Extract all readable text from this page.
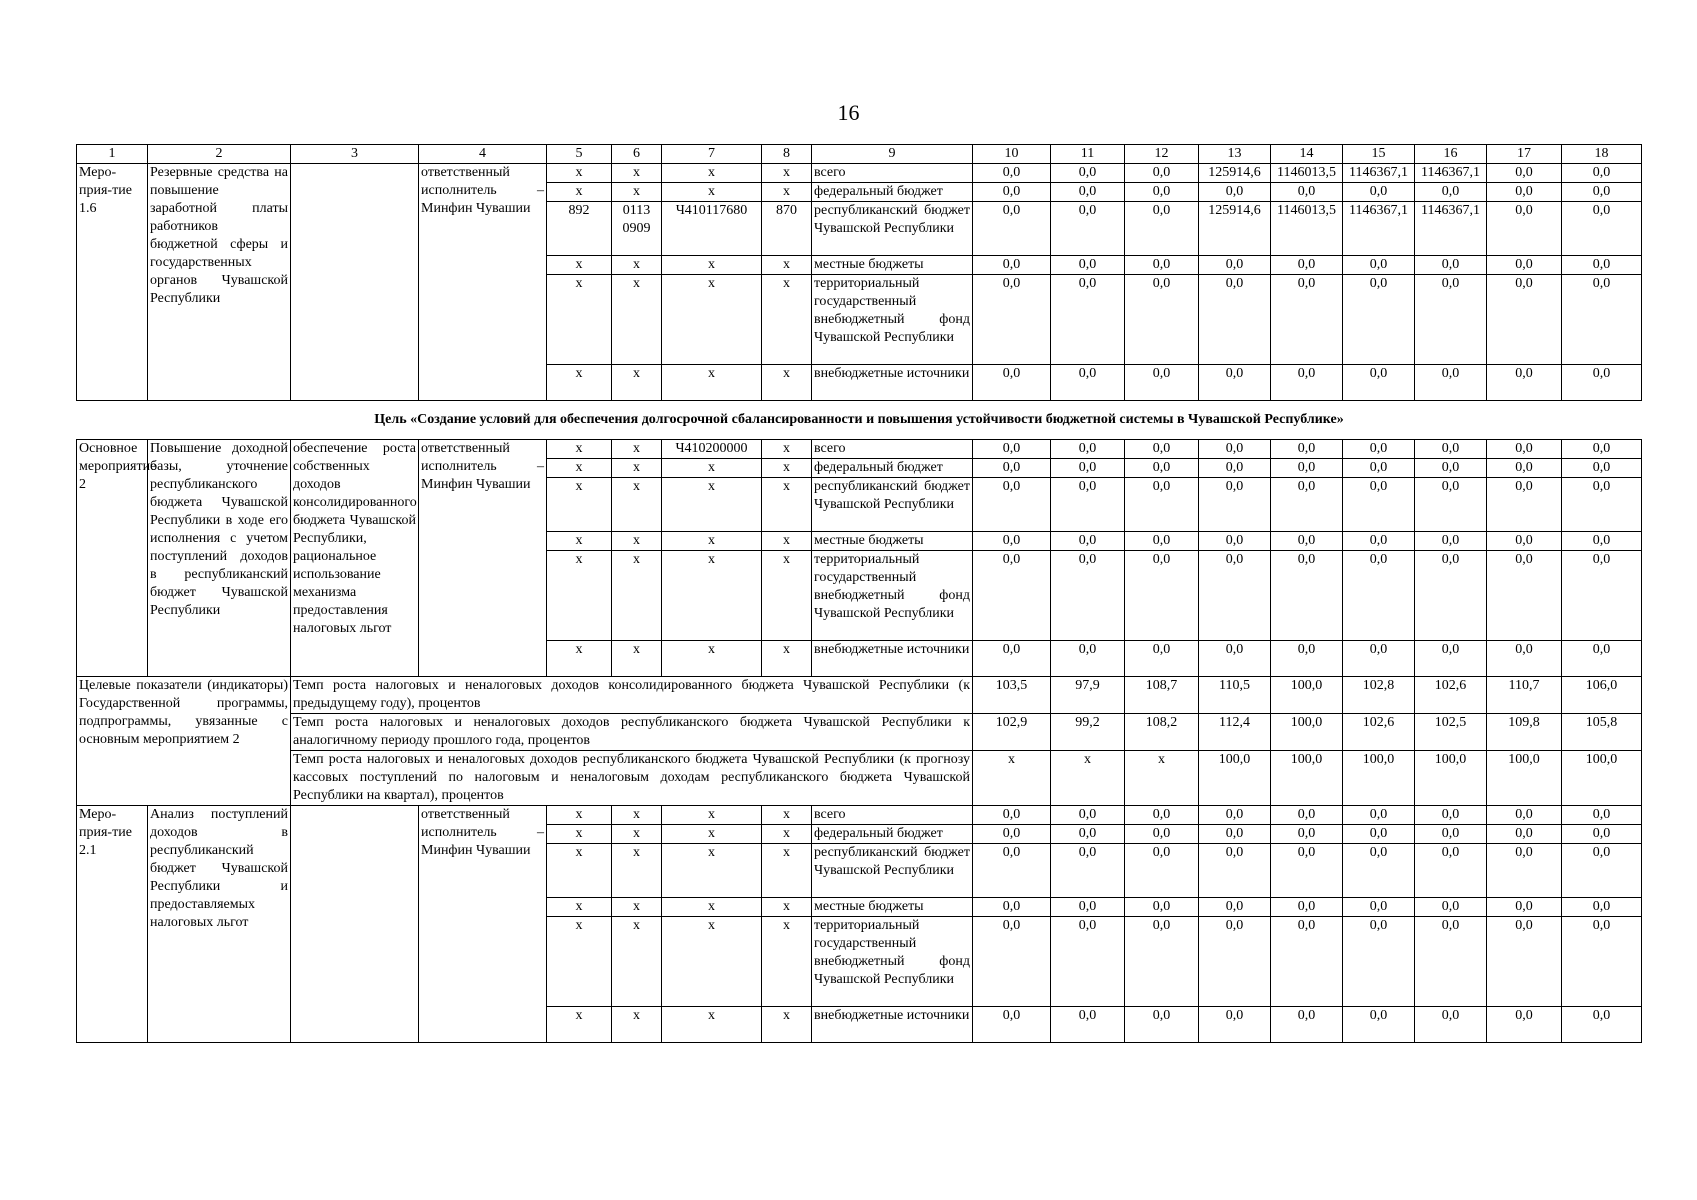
16
1	2	3	4	5	6	7	8	9	10	11	12	13	14	15	16	17	18
Меро-прия-тие 1.6	Резервные средства на повышение заработной платы работников бюджетной сферы и государственных органов Чувашской Республики		ответственный исполнитель – Минфин Чувашии	х	х	х	х	всего	0,0	0,0	0,0	125914,6	1146013,5	1146367,1	1146367,1	0,0	0,0
				х	х	х	х	федеральный бюджет	0,0	0,0	0,0	0,0	0,0	0,0	0,0	0,0	0,0
				892	0113 0909	Ч410117680	870	республиканский бюджет Чувашской Республики	0,0	0,0	0,0	125914,6	1146013,5	1146367,1	1146367,1	0,0	0,0
				х	х	х	х	местные бюджеты	0,0	0,0	0,0	0,0	0,0	0,0	0,0	0,0	0,0
				х	х	х	х	территориальный государственный внебюджетный фонд Чувашской Республики	0,0	0,0	0,0	0,0	0,0	0,0	0,0	0,0	0,0
				х	х	х	х	внебюджетные источники	0,0	0,0	0,0	0,0	0,0	0,0	0,0	0,0	0,0
Цель «Создание условий для обеспечения долгосрочной сбалансированности и повышения устойчивости бюджетной системы в Чувашской Республике»																	
Основное мероприятие 2	Повышение доходной базы, уточнение республиканского бюджета Чувашской Республики в ходе его исполнения с учетом поступлений доходов в республиканский бюджет Чувашской Республики	обеспечение роста собственных доходов консолидированного бюджета Чувашской Республики, рациональное использование механизма предоставления налоговых льгот	ответственный исполнитель – Минфин Чувашии	х	х	Ч410200000	х	всего	0,0	0,0	0,0	0,0	0,0	0,0	0,0	0,0	0,0
				х	х	х	х	федеральный бюджет	0,0	0,0	0,0	0,0	0,0	0,0	0,0	0,0	0,0
				х	х	х	х	республиканский бюджет Чувашской Республики	0,0	0,0	0,0	0,0	0,0	0,0	0,0	0,0	0,0
				х	х	х	х	местные бюджеты	0,0	0,0	0,0	0,0	0,0	0,0	0,0	0,0	0,0
				х	х	х	х	территориальный государственный внебюджетный фонд Чувашской Республики	0,0	0,0	0,0	0,0	0,0	0,0	0,0	0,0	0,0
				х	х	х	х	внебюджетные источники	0,0	0,0	0,0	0,0	0,0	0,0	0,0	0,0	0,0
Целевые показатели (индикаторы) Государственной программы, подпрограммы, увязанные с основным мероприятием 2		Темп роста налоговых и неналоговых доходов консолидированного бюджета Чувашской Республики (к предыдущему году), процентов							103,5	97,9	108,7	110,5	100,0	102,8	102,6	110,7	106,0
		Темп роста налоговых и неналоговых доходов республиканского бюджета Чувашской Республики к аналогичному периоду прошлого года, процентов							102,9	99,2	108,2	112,4	100,0	102,6	102,5	109,8	105,8
		Темп роста налоговых и неналоговых доходов республиканского бюджета Чувашской Республики (к прогнозу кассовых поступлений по налоговым и неналоговым доходам республиканского бюджета Чувашской Республики на квартал), процентов							х	х	х	100,0	100,0	100,0	100,0	100,0	100,0
Меро-прия-тие 2.1	Анализ поступлений доходов в республиканский бюджет Чувашской Республики и предоставляемых налоговых льгот		ответственный исполнитель – Минфин Чувашии	х	х	х	х	всего	0,0	0,0	0,0	0,0	0,0	0,0	0,0	0,0	0,0
				х	х	х	х	федеральный бюджет	0,0	0,0	0,0	0,0	0,0	0,0	0,0	0,0	0,0
				х	х	х	х	республиканский бюджет Чувашской Республики	0,0	0,0	0,0	0,0	0,0	0,0	0,0	0,0	0,0
				х	х	х	х	местные бюджеты	0,0	0,0	0,0	0,0	0,0	0,0	0,0	0,0	0,0
				х	х	х	х	территориальный государственный внебюджетный фонд Чувашской Республики	0,0	0,0	0,0	0,0	0,0	0,0	0,0	0,0	0,0
				х	х	х	х	внебюджетные источники	0,0	0,0	0,0	0,0	0,0	0,0	0,0	0,0	0,0
